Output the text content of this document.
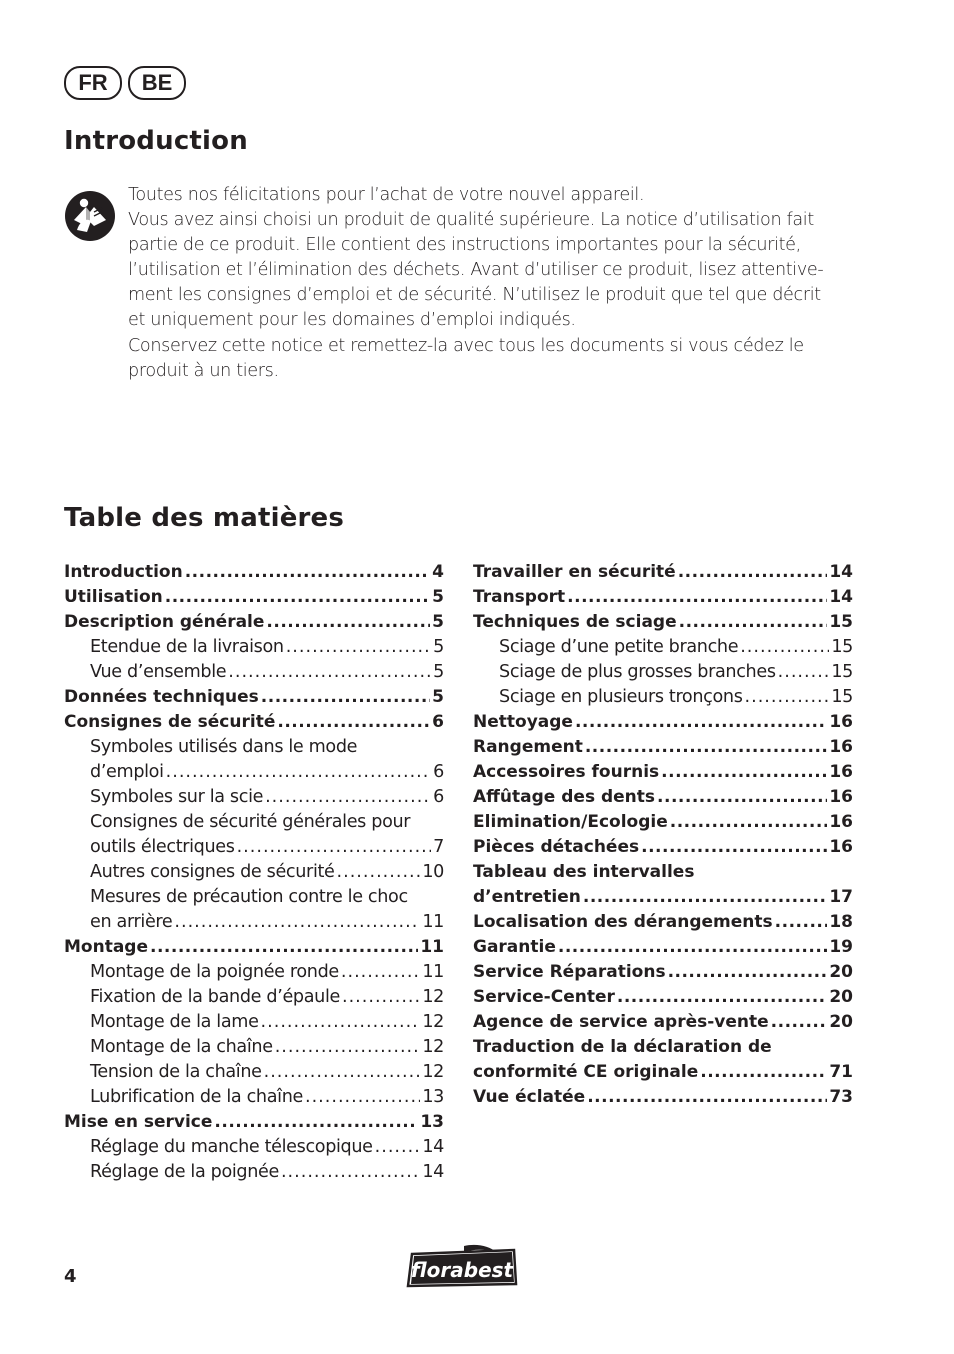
FR	BE
Introduction

Toutes nos félicitations pour l’achat de votre nouvel appareil.

Vous avez ainsi choisi un produit de qualité supérieure. La notice d’utilisation fait

partie de ce produit. Elle contient des instructions importantes pour la sécurité,

l’utilisation et l’élimination des déchets. Avant d’utiliser ce produit, lisez attentive-

ment les consignes d’emploi et de sécurité. N’utilisez le produit que tel que décrit

et uniquement pour les domaines d’emploi indiqués.

Conservez cette notice et remettez-la avec tous les documents si vous cédez le

produit à un tiers.

Table des matières
Introduction .....	4
Utilisation .....	5
Description générale .....	5
Etendue de la livraison .....	5
Vue d’ensemble .....	5
Données techniques .....	5
Consignes de sécurité .....	6
Symboles utilisés dans le mode
d’emploi .....	6
Symboles sur la scie .....	6
Consignes de sécurité générales pour
outils électriques .....	7
Autres consignes de sécurité .....	10
Mesures de précaution contre le choc
en arrière .....	11
Montage .....	11
Montage de la poignée ronde .....	11
Fixation de la bande d’épaule .....	12
Montage de la lame .....	12
Montage de la chaîne .....	12
Tension de la chaîne .....	12
Lubrification de la chaîne .....	13
Mise en service .....	13
Réglage du manche télescopique .....	14
Réglage de la poignée .....	14
Travailler en sécurité .....	14
Transport .....	14
Techniques de sciage .....	15
Sciage d’une petite branche .....	15
Sciage de plus grosses branches .....	15
Sciage en plusieurs tronçons .....	15
Nettoyage .....	16
Rangement .....	16
Accessoires fournis .....	16
Affûtage des dents .....	16
Elimination/Ecologie .....	16
Pièces détachées .....	16
Tableau des intervalles
d’entretien .....	17
Localisation des dérangements .....	18
Garantie .....	19
Service Réparations .....	20
Service-Center .....	20
Agence de service après-vente .....	20
Traduction de la déclaration de
conformité CE originale .....	71
Vue éclatée .....	73
4	florabest
